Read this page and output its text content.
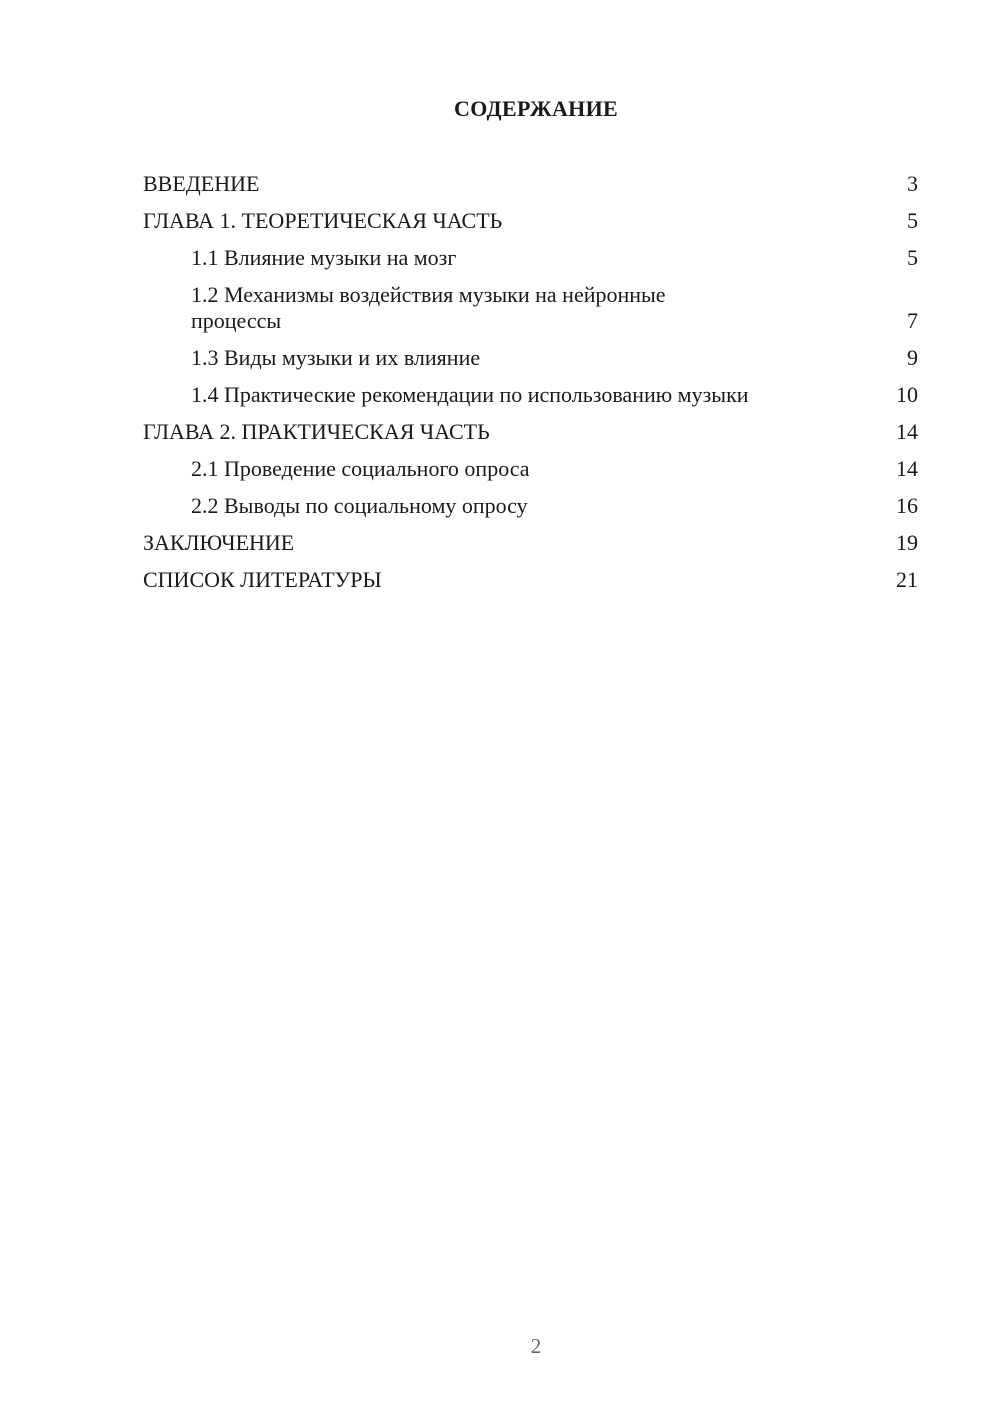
СОДЕРЖАНИЕ
ВВЕДЕНИЕ	3
ГЛАВА 1. ТЕОРЕТИЧЕСКАЯ ЧАСТЬ	5
1.1 Влияние музыки на мозг	5
1.2 Механизмы воздействия музыки на нейронные процессы	7
1.3 Виды музыки и их влияние	9
1.4 Практические рекомендации по использованию музыки	10
ГЛАВА 2. ПРАКТИЧЕСКАЯ ЧАСТЬ	14
2.1 Проведение социального опроса	14
2.2 Выводы по социальному опросу	16
ЗАКЛЮЧЕНИЕ	19
СПИСОК ЛИТЕРАТУРЫ	21
2
